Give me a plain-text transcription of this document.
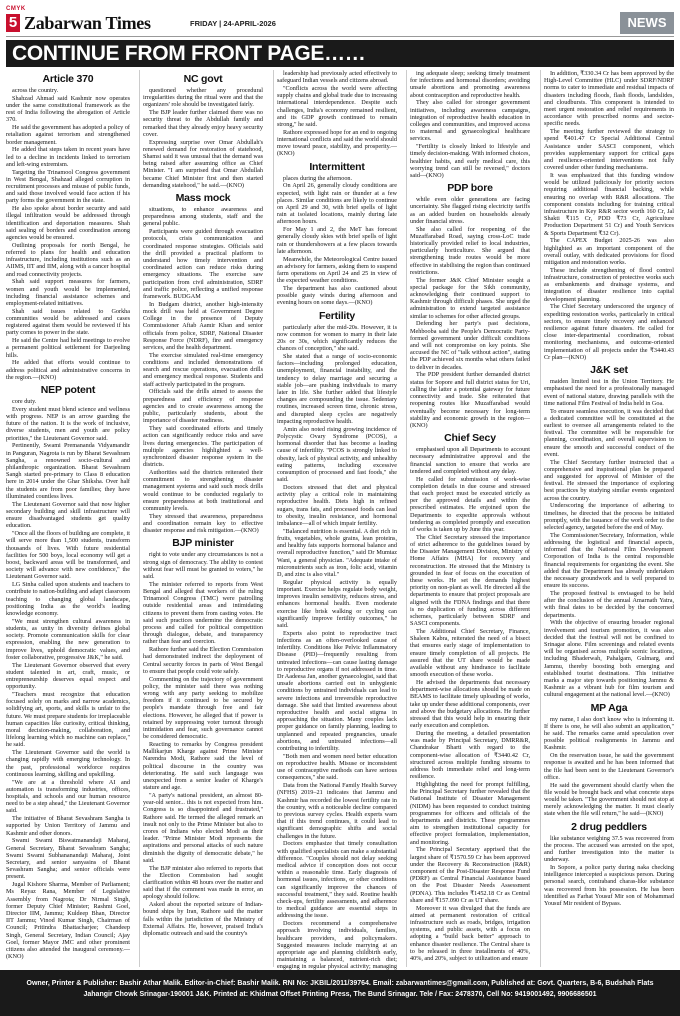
CMYK
5 Zabarwan Times	FRIDAY | 24-APRIL-2026	NEWS
CONTINUE FROM FRONT PAGE……
Article 370

across the country.

Shahzad Ahmad said Kashmir now operates under the same constitutional framework as the rest of India following the abrogation of Article 370.

He said the government has adopted a policy of retaliation against terrorism and strengthened border management.

He added that steps taken in recent years have led to a decline in incidents linked to terrorism and left-wing extremism.

Targeting the Trinamool Congress government in West Bengal, Shahzad alleged corruption in recruitment processes and misuse of public funds, and said those involved would face action if his party forms the government in the state.

He also spoke about border security and said illegal infiltration would be addressed through identification and deportation measures. Shah said sealing of borders and coordination among agencies would be ensured.

Outlining proposals for north Bengal, he referred to plans for health and education infrastructure, including institutions such as an AIIMS, IIT and IIM, along with a cancer hospital and road connectivity projects.

Shah said support measures for farmers, women and youth would be implemented, including financial assistance schemes and employment-related initiatives.

Shah said issues related to Gorkha communities would be addressed and cases registered against them would be reviewed if his party comes to power in the state.

He said the Centre had held meetings to evolve a permanent political settlement for Darjeeling hills.

He added that efforts would continue to address political and administrative concerns in the region.—(KNO)

NEP potent

core duty.

Every student must blend science and wellness with progress. NEP is an arrow guarding the future of the nation. It is the work of inclusive, diverse students, men and youth are policy priorities," the Lieutenant Governor said.

Pertinently, Swami Premananda Vidyamandir in Panguran, Nagrota is run by Bharat Sevashram Sangha, a renowned socio-cultural and philanthropic organization. Bharat Sevashram Sangh started pre-primary to Class 8 education here in 2014 under the Ghar Shiksha. Over half the students are from poor families; they have illuminated countless lives.

The Lieutenant Governor said that now higher secondary building and skill infrastructure will ensure disadvantaged students get quality education.

"Once all the floors of building are complete, it will serve more than 1,500 students, transform thousands of lives. With future residential facilities for 500 boys, local economy will get a boost, backward areas will be transformed, and society will advance with new confidence," the Lieutenant Governor said.

LG Sinha called upon students and teachers to contribute to nation-building and adapt classroom teaching to changing global landscape, positioning India as the world's leading knowledge economy.

"We must strengthen cultural awareness in students, as unity in diversity defines global society. Promote communication skills for clear expression, enabling the new generation to improve lives, uphold democratic values, and foster collaborative, progressive J&K," he said.

The Lieutenant Governor observed that every student talented in art, craft, music, or entrepreneurship deserves equal respect and opportunity.

"Teachers must recognize that education focused solely on marks and narrow academics, solidifying art, sports, and skills is unfair to the future. We must prepare students for irreplaceable human capacities like curiosity, critical thinking, moral decision-making, collaboration, and lifelong learning which no machine can replace," he said.

The Lieutenant Governor said the world is changing rapidly with emerging technology. In the past, professional workforce requires continuous learning, skilling and upskilling.

"We are at a threshold where AI and automation is transforming industries, offices, hospitals, and schools and our human resource need to be a step ahead," the Lieutenant Governor said.

The initiative of Bharat Sevashram Sangha is supported by Union Territory of Jammu and Kashmir and other donors.

Swami Swami Biswatmanandaji Maharaj, General Secretary, Bharat Sevashram Sangha; Swami Swami Subhananandaji Maharaj, Joint Secretary, and senior sanyasins of Bharat Sevashram Sangha; and senior officials were present.

Jugal Kishore Sharma, Member of Parliament; Ms Reyaz Rana, Member of Legislative Assembly from Nagrota; Dr Nirmal Singh, former Deputy Chief Minister; Rashmi Goel, Director IIM, Jammu; Kuldeep Bhan, Director IIT Jammu; Vinod Kumar Singh, Chairman of Council; Pritindra Bhattacharjee; Chandeep Singh, General Secretary, Indian Council; Ajay Goel, former Mayor JMC and other prominent citizens also attended the inaugural ceremony.—(KNO)

NC govt

questioned whether any procedural irregularities during the ritual were and that the organizers' role should be investigated fairly.

The BJP leader further claimed there was no security threat to the Abdullah family and remarked that they already enjoy heavy security cover.

Expressing surprise over Omar Abdullah's renewed demand for restoration of statehood, Shamsi said it was unusual that the demand was being raised after assuming office as Chief Minister. "I am surprised that Omar Abdullah became Chief Minister first and then started demanding statehood," he said.—(KNO)

Mass mock

situations, to enhance awareness and preparedness among students, staff and the general public.

Participants were guided through evacuation protocols, crisis communication and coordinated response strategies. Officials said the drill provided a practical platform to understand how timely intervention and coordinated action can reduce risks during emergency situations. The exercise saw participation from civil administration, SDRF and traffic police, reflecting a unified response framework. BUDGAM

In Budgam district, another high-intensity mock drill was held at Government Degree College in the presence of Deputy Commissioner Aftab Aamir Khan and senior officials from police, SDRF, National Disaster Response Force (NDRF), fire and emergency services, and the health department.

The exercise simulated real-time emergency conditions and included demonstrations of search and rescue operations, evacuation drills and emergency medical response. Students and staff actively participated in the program.

Officials said the drills aimed to assess the preparedness and efficiency of response agencies and to create awareness among the public, particularly students, about the importance of disaster readiness.

They said coordinated efforts and timely action can significantly reduce risks and save lives during emergencies. The participation of multiple agencies highlighted a well-synchronized disaster response system in the districts.

Authorities said the districts reiterated their commitment to strengthening disaster management systems and said such mock drills would continue to be conducted regularly to ensure preparedness at both institutional and community levels.

They stressed that awareness, preparedness and coordination remain key to effective disaster response and risk mitigation.—(KNO)

BJP minister

right to vote under any circumstances is not a strong sign of democracy. The ability to contest without fear will must be granted to voters," he said.

The minister referred to reports from West Bengal and alleged that workers of the ruling Trinamool Congress (TMC) were patrolling outside residential areas and intimidating citizens to prevent them from casting votes. He said such practices undermine the democratic process and called for political competition through dialogue, debate, and transparency rather than fear and coercion.

Rathore further said the Election Commission had demonstrated indirect the deployment of Central security forces in parts of West Bengal to ensure that people could vote safely.

Commenting on the trajectory of government policy, the minister said there was nothing wrong with any party seeking to mobilize freedom if it continued to be secured by people's mandate through free and fair elections. However, he alleged that if power is retained by suppressing voter turnout through intimidation and fear, such governance cannot be considered democratic.

Reacting to remarks by Congress president Mallikarjun Kharge against Prime Minister Narendra Modi, Rathore said the level of political discourse in the country was deteriorating. He said such language was unexpected from a senior leader of Kharge's stature and age.

"A party's national president, an almost 80-year-old senior... this is not expected from him. Congress is so disappointed and frustrated," Rathore said. He termed the alleged remark an insult not only to the Prime Minister but also to crores of Indians who elected Modi as their leader. "Prime Minister Modi represents the aspirations and personal attacks of such nature diminish the dignity of democratic debate," he said.

The BJP minister also referred to reports that the Election Commission had sought clarification within 48 hours over the matter and said that if the comment was made in error, an apology should follow.

Asked about the reported seizure of Indian-bound ships by Iran, Rathore said the matter falls within the jurisdiction of the Ministry of External Affairs. He, however, praised India's diplomatic outreach and said the country's

leadership had previously acted effectively to safeguard Indian vessels and citizens abroad.

"Conflicts across the world were affecting supply chains and global trade due to increasing international interdependence. Despite such challenges, India's economy remained resilient, and its GDP growth continued to remain strong," he said.

Rathore expressed hope for an end to ongoing international conflicts and said the world should move toward peace, stability, and prosperity.—(KNO)

Intermittent

places during the afternoon.

On April 26, generally cloudy conditions are expected, with light rain or thunder at a few places. Similar conditions are likely to continue on April 29 and 30, with brief spells of light rain at isolated locations, mainly during late afternoon hours.

For May 1 and 2, the MeT has forecast generally cloudy skies with brief spells of light rain or thundershowers at a few places towards late afternoon.

Meanwhile, the Meteorological Centre issued an advisory for farmers, asking them to suspend farm operations on April 24 and 25 in view of the expected weather conditions.

The department has also cautioned about possible gusty winds during afternoon and evening hours on some days.—(KNO)

Fertility

particularly after the mid-20s. However, it is now common for women to marry in their late 20s or 30s, which significantly reduces the chances of conception," she said.

She stated that a range of socio-economic factors—including prolonged education, unemployment, financial instability, and the tendency to delay marriage and securing a stable job—are pushing individuals to marry later in life. She further added that lifestyle changes are compounding the issue. Sedentary routines, increased screen time, chronic stress, and disrupted sleep cycles are negatively impacting reproductive health.

Amin also noted rising growing incidence of Polycystic Ovary Syndrome (PCOS), a hormonal disorder that has become a leading cause of infertility. "PCOS is strongly linked to obesity, lack of physical activity, and unhealthy eating patterns, including excessive consumption of processed and fast foods," she said.

Doctors stressed that diet and physical activity play a critical role in maintaining reproductive health. Diets high in refined sugars, trans fats, and processed foods can lead to obesity, insulin resistance, and hormonal imbalance—all of which impair fertility.

"Balanced nutrition is essential. A diet rich in fruits, vegetables, whole grains, lean proteins, and healthy fats supports hormonal balance and overall reproductive function," said Dr Mumtaz Wani, a general physician. "Adequate intake of micronutrients such as iron, folic acid, vitamin D, and zinc is also vital."

Regular physical activity is equally important. Exercise helps regulate body weight, improves insulin sensitivity, reduces stress, and enhances hormonal health. Even moderate exercise like brisk walking or cycling can significantly improve fertility outcomes," he said.

Experts also point to reproductive tract infections as an often-overlooked cause of infertility. Conditions like Pelvic Inflammatory Disease (PID)—frequently resulting from untreated infections—can cause lasting damage to reproductive organs if not addressed in time. Dr Aadeesa Jan, another gynaecologist, said that unsafe abortions carried out in unhygienic conditions by untrained individuals can lead to severe infections and irreversible reproductive damage. She said that limited awareness about reproductive health and social stigma in approaching the situation. Many couples lack proper guidance on family planning, leading to unplanned and repeated pregnancies, unsafe abortions, and untreated infections—all contributing to infertility.

"Both men and women need better education on reproductive health. Misuse or inconsistent use of contraceptive methods can have serious consequences," she said.

Data from the National Family Health Survey (NFHS) 2019–21 indicates that Jammu and Kashmir has recorded the lowest fertility rate in the country, with a noticeable decline compared to previous survey cycles. Health experts warn that if this trend continues, it could lead to significant demographic shifts and social challenges in the future.

Doctors emphasize that timely consultation with qualified specialists can make a substantial difference. "Couples should not delay seeking medical advice if conception does not occur within a reasonable time. Early diagnosis of hormonal issues, infections, or other conditions can significantly improve the chances of successful treatment," they said. Routine health check-ups, fertility assessments, and adherence to medical guidance are essential steps in addressing the issue.

Doctors recommend a comprehensive approach involving individuals, families, healthcare providers, and policymakers. Suggested measures include marrying at an appropriate age and planning childbirth early, maintaining a balanced, nutrient-rich diet; engaging in regular physical activity; managing

ing adequate sleep; seeking timely treatment for infections and hormonal disorders; avoiding unsafe abortions and promoting awareness about contraception and reproductive health.

They also called for stronger government initiatives, including awareness campaigns, integration of reproductive health education in colleges and communities, and improved access to maternal and gynaecological healthcare services.

"Fertility is closely linked to lifestyle and timely decision-making. With informed choices, healthier habits, and early medical care, this worrying trend can still be reversed," doctors said—(KNO)

PDP bore

while even older generations are facing uncertainty. She flagged rising electricity tariffs as an added burden on households already under financial stress.

She also called for reopening of the Muzaffarabad Road, saying cross-LoC trade historically provided relief to local industries, particularly horticulture. She argued that strengthening trade routes would be more effective in stabilising the region than continued restrictions.

The former J&K Chief Minister sought a special package for the Sikh community, acknowledging their continued support to Kashmir through difficult phases. She urged the administration to extend targeted assistance similar to schemes for other affected groups.

Defending her party's past decisions, Mehbooba said the People's Democratic Party-formed government under difficult conditions and will not compromise on key points. She accused the NC of "talk without action", stating the PDP achieved six months what others failed to deliver in decades.

The PDP president further demanded district status for Sopore and full district status for Uri, calling the latter a potential gateway for future connectivity and trade. She reiterated that reopening routes like Muzaffarabad would eventually become necessary for long-term stability and economic growth in the region—(KNO)

Chief Secy

emphasised upon all Departments to account necessary administrative approval and the financial sanction to ensure that works are tendered and completed without any delay.

He called for submission of work-wise completion details in due course and stressed that each project must be executed strictly as per the approved details and within the prescribed estimates. He enjoined upon the Departments to expedite approvals without tendering as completed promptly and execution of works is taken up by June this year.

The Chief Secretary stressed the importance of strict adherence to the guidelines issued by the Disaster Management Division, Ministry of Home Affairs (MHA) for recovery and reconstruction. He stressed that the Ministry is grounded in fear of focus on the execution of these works. He set the demands highest priority on non-plant as well. He directed all the departments to ensure that project proposals are aligned with the FDNA findings and that there is no duplication of funding across different schemes, particularly between SDRF and SASCI components.

The Additional Chief Secretary, Finance, Shaleen Kabra, reiterated the need of a bisect that ensures early stage of implementation to ensure timely completion of all projects. He assured that the UT share would be made available without any hindrance to facilitate smooth execution of these works.

He advised the departments that necessary department-wise allocations should be made on BEAMS to facilitate timely uploading of works, take up under these additional components, over and above the budgetary allocations. He further stressed that this would help in ensuring their early execution and completion.

During the meeting, a detailed presentation was made by Principal Secretary, DMRR&R, Chandrakar Bharti with regard to the component-wise allocation of ₹3440.42 Cr, structured across multiple funding streams to address both immediate relief and long-term resilience.

Highlighting the need for prompt fulfilling, the Principal Secretary further revealed that the National Institute of Disaster Management (NIDM) has been requested to conduct training programmes for officers and officials of the departments and districts. These programmes aim to strengthen institutional capacity for effective project formulation, implementation, and monitoring.

The Principal Secretary apprised that the largest share of ₹1570.59 Cr has been approved under the Recovery & Reconstruction (R&R) component of the Post-Disaster Response Fund (PDRF) as Central Financial Assistance based on the Post Disaster Needs Assessment (PDNA). This includes ₹1452.18 Cr as Central share and ₹157.090 Cr as UT share.

Moreover it was divulged that the funds are aimed at permanent restoration of critical infrastructure such as roads, bridges, irrigation systems, and public assets, with a focus on adopting a "build back better" approach to enhance disaster resilience. The Central share is to be released in three installments of 40%, 40%, and 20%, subject to utilization and ensure

In addition, ₹330.34 Cr has been approved by the High-Level Committee (HLC) under SDRF/NDRF norms to cater to immediate and residual impacts of disasters including floods, flash floods, landslides, and cloudbursts. This component is intended to meet urgent restoration and relief requirements in accordance with prescribed norms and sector-specific needs.

The meeting further reviewed the strategy to spend ₹401.47 Cr Special Additional Central Assistance under SASCI component, which provides supplementary support for critical gaps and resilience-oriented interventions not fully covered under other funding mechanisms.

It was emphasized that this funding window would be utilized judiciously for priority sectors requiring additional financial backing, while ensuring no overlap with R&R allocations. The component consists including for training critical infrastructure in Key R&R sector worth 160 Cr, Jal Shakti ₹115 Cr, PDD ₹73 Cr, Agriculture Production Department 51 Cr) and Youth Services & Sports Department ₹32 Cr).

The CAPEX Budget 2025-26 was also highlighted as an important component of the overall outlay, with dedicated provisions for flood mitigation and restoration works.

These include strengthening of flood control infrastructure, construction of protective works such as embankments and drainage systems, and integration of disaster resilience into capital development planning.

The Chief Secretary underscored the urgency of expediting restoration works, particularly in critical sectors, to ensure timely recovery and enhanced resilience against future disasters. He called for close inter-departmental coordination, robust monitoring mechanisms, and outcome-oriented implementation of all projects under the ₹3440.43 Cr plan—(KNO)

J&K set

maiden limited test in the Union Territory. He emphasised the need for a professionally managed event of national stature, drawing parallels with the time national Film Festival of India held in Goa.

To ensure seamless execution, it was decided that a dedicated committee will be constituted at the earliest to oversee all arrangements related to the festival. The committee will be responsible for planning, coordination, and overall supervision to ensure the smooth and successful conduct of the event.

The Chief Secretary further instructed that a comprehensive and inspirational plan be prepared and suggested for approval of Minister of the festival. He stressed the importance of exploring best practices by studying similar events organized across the country.

Underscoring the importance of adhering to timelines, he directed that the process be initiated promptly, with the issuance of the work order to the selected agency, targeted before the end of May.

The Commissioner/Secretary, Information, while addressing the logistical and financial aspects, informed that the National Film Development Corporation of India is the central responsible financial requirements for organizing the event. She added that the Department has already undertaken the necessary groundwork and is well prepared to ensure its success.

The proposed festival is envisaged to be held after the conclusion of the annual Amarnath Yatra, with final dates to be decided by the concerned departments.

With the objective of ensuring broader regional involvement and tourism promotion, it was also decided that the festival will not be confined to Srinagar alone. Film screenings and related events will be organised across multiple scenic locations, including Bhaderwah, Pahalgam, Gulmarg, and Jammu, thereby boosting both emerging and established tourist destinations. This initiative marks a major step towards positioning Jammu & Kashmir as a vibrant hub for film tourism and cultural engagement at the national level.—(KNO)

MP Aga

my name, I also don't know who is informing it. If there is one, he will also submit an application," he said. The remarks came amid speculation over possible political realignments in Jammu and Kashmir.

On the reservation issue, he said the government response is awaited and he has been informed that the file had been sent to the Lieutenant Governor's office.

He said the government should clarify when the file would be brought back and what concrete steps would be taken. "The government should not stop at merely acknowledging the matter. It must clearly state when the file will return," he said—(KNO)

2 drug peddlers

like substance weighing 37.5 was recovered from the process. The accused was arrested on the spot, and further investigation into the matter is underway.

In Sopore, a police party during naka checking intelligence intercepted a suspicious person. During personal search, contraband charas-like substance was recovered from his possession. He has been identified as Farhat Yousuf Mir son of Mohammad Yousuf Mir resident of Bypass.

Owner, Printer & Publisher: Bashir Athar Malik. Editor-in-Chief: Bashir Malik. RNI No: JKBIL/2011/39764. Email: zabarwantimes@gmail.com, Published at: Govt. Quarters, B-6, Budshah Flats
Jahangir Chowk Srinagar-190001 J&K. Printed at: Khidmat Offset Printing Press, The Bund Srinagar. Tele / Fax: 2478370, Cell No: 9419001492, 9906686501
